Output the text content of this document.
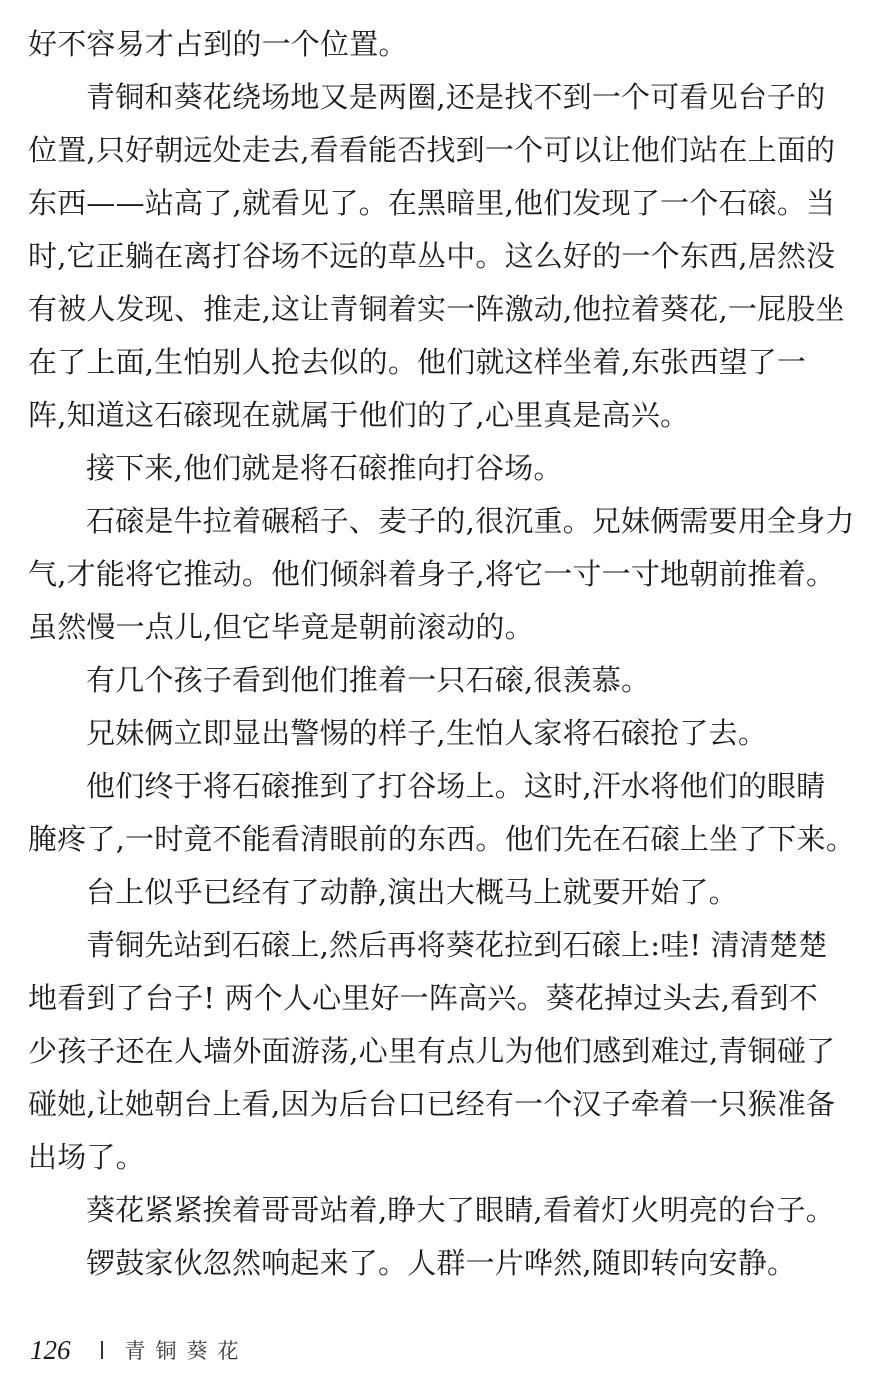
好不容易才占到的一个位置。
青铜和葵花绕场地又是两圈,还是找不到一个可看见台子的
位置,只好朝远处走去,看看能否找到一个可以让他们站在上面的
东西——站高了,就看见了。在黑暗里,他们发现了一个石磙。当
时,它正躺在离打谷场不远的草丛中。这么好的一个东西,居然没
有被人发现、推走,这让青铜着实一阵激动,他拉着葵花,一屁股坐
在了上面,生怕别人抢去似的。他们就这样坐着,东张西望了一
阵,知道这石磙现在就属于他们的了,心里真是高兴。
接下来,他们就是将石磙推向打谷场。
石磙是牛拉着碾稻子、麦子的,很沉重。兄妹俩需要用全身力
气,才能将它推动。他们倾斜着身子,将它一寸一寸地朝前推着。
虽然慢一点儿,但它毕竟是朝前滚动的。
有几个孩子看到他们推着一只石磙,很羡慕。
兄妹俩立即显出警惕的样子,生怕人家将石磙抢了去。
他们终于将石磙推到了打谷场上。这时,汗水将他们的眼睛
腌疼了,一时竟不能看清眼前的东西。他们先在石磙上坐了下来。
台上似乎已经有了动静,演出大概马上就要开始了。
青铜先站到石磙上,然后再将葵花拉到石磙上:哇! 清清楚楚
地看到了台子! 两个人心里好一阵高兴。葵花掉过头去,看到不
少孩子还在人墙外面游荡,心里有点儿为他们感到难过,青铜碰了
碰她,让她朝台上看,因为后台口已经有一个汉子牵着一只猴准备
出场了。
葵花紧紧挨着哥哥站着,睁大了眼睛,看着灯火明亮的台子。
锣鼓家伙忽然响起来了。人群一片哗然,随即转向安静。
126	青铜葵花
